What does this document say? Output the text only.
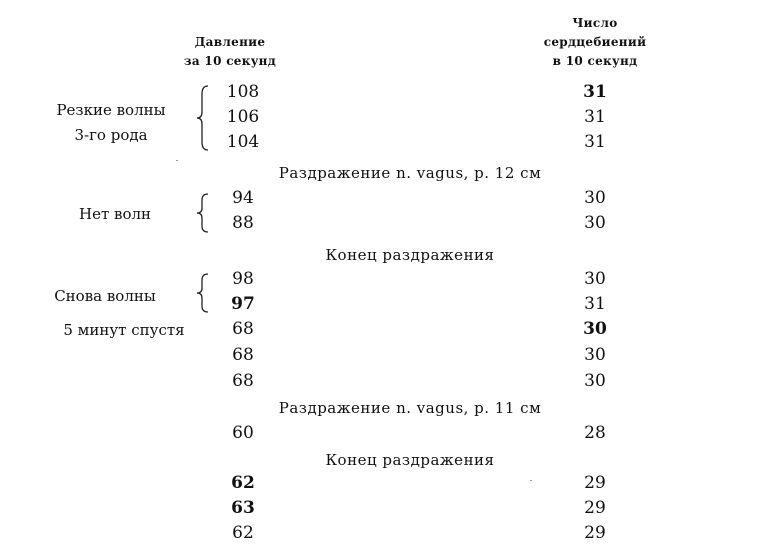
Давление
за 10 секунд
Число
сердцебиений
в 10 секунд
Резкие волны
3-го рода
Нет волн
Снова волны
5 минут спустя
108	31
106	31
104	31
Раздражение n. vagus, p. 12 см
94	30
88	30
Конец раздражения
98	30
97	31
68	30
68	30
68	30
Раздражение n. vagus, p. 11 см
60	28
Конец раздражения
62	29
63	29
62	29
